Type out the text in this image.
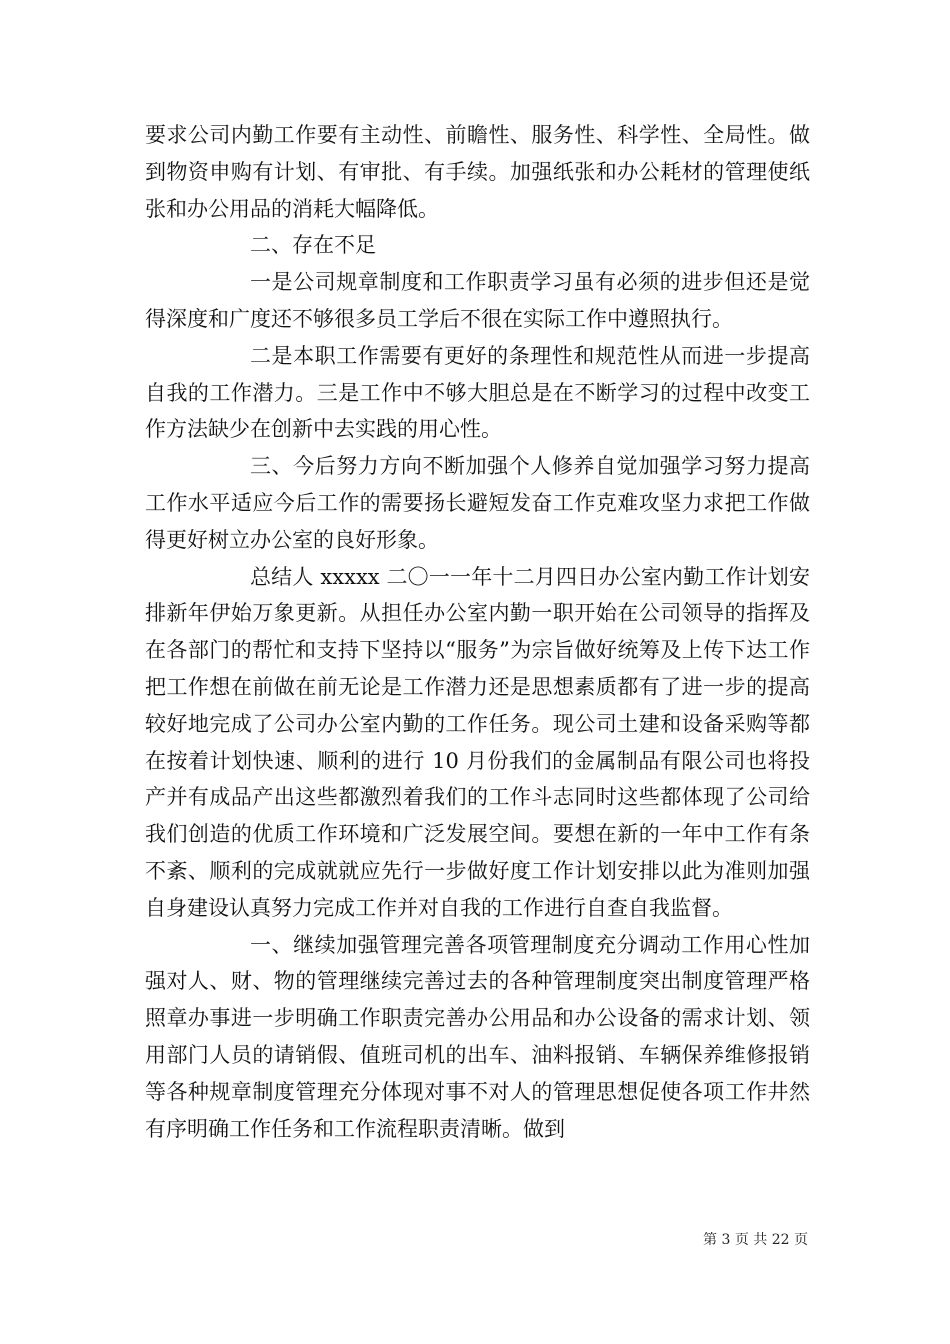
要求公司内勤工作要有主动性、前瞻性、服务性、科学性、全局性。做到物资申购有计划、有审批、有手续。加强纸张和办公耗材的管理使纸张和办公用品的消耗大幅降低。

二、存在不足

一是公司规章制度和工作职责学习虽有必须的进步但还是觉得深度和广度还不够很多员工学后不很在实际工作中遵照执行。

二是本职工作需要有更好的条理性和规范性从而进一步提高自我的工作潜力。三是工作中不够大胆总是在不断学习的过程中改变工作方法缺少在创新中去实践的用心性。

三、今后努力方向不断加强个人修养自觉加强学习努力提高工作水平适应今后工作的需要扬长避短发奋工作克难攻坚力求把工作做得更好树立办公室的良好形象。

总结人 xxxxx 二〇一一年十二月四日办公室内勤工作计划安排新年伊始万象更新。从担任办公室内勤一职开始在公司领导的指挥及在各部门的帮忙和支持下坚持以“服务”为宗旨做好统筹及上传下达工作把工作想在前做在前无论是工作潜力还是思想素质都有了进一步的提高较好地完成了公司办公室内勤的工作任务。现公司土建和设备采购等都在按着计划快速、顺利的进行 10 月份我们的金属制品有限公司也将投产并有成品产出这些都激烈着我们的工作斗志同时这些都体现了公司给我们创造的优质工作环境和广泛发展空间。要想在新的一年中工作有条不紊、顺利的完成就就应先行一步做好度工作计划安排以此为准则加强自身建设认真努力完成工作并对自我的工作进行自查自我监督。

一、继续加强管理完善各项管理制度充分调动工作用心性加强对人、财、物的管理继续完善过去的各种管理制度突出制度管理严格照章办事进一步明确工作职责完善办公用品和办公设备的需求计划、领用部门人员的请销假、值班司机的出车、油料报销、车辆保养维修报销等各种规章制度管理充分体现对事不对人的管理思想促使各项工作井然有序明确工作任务和工作流程职责清晰。做到

第 3 页 共 22 页
